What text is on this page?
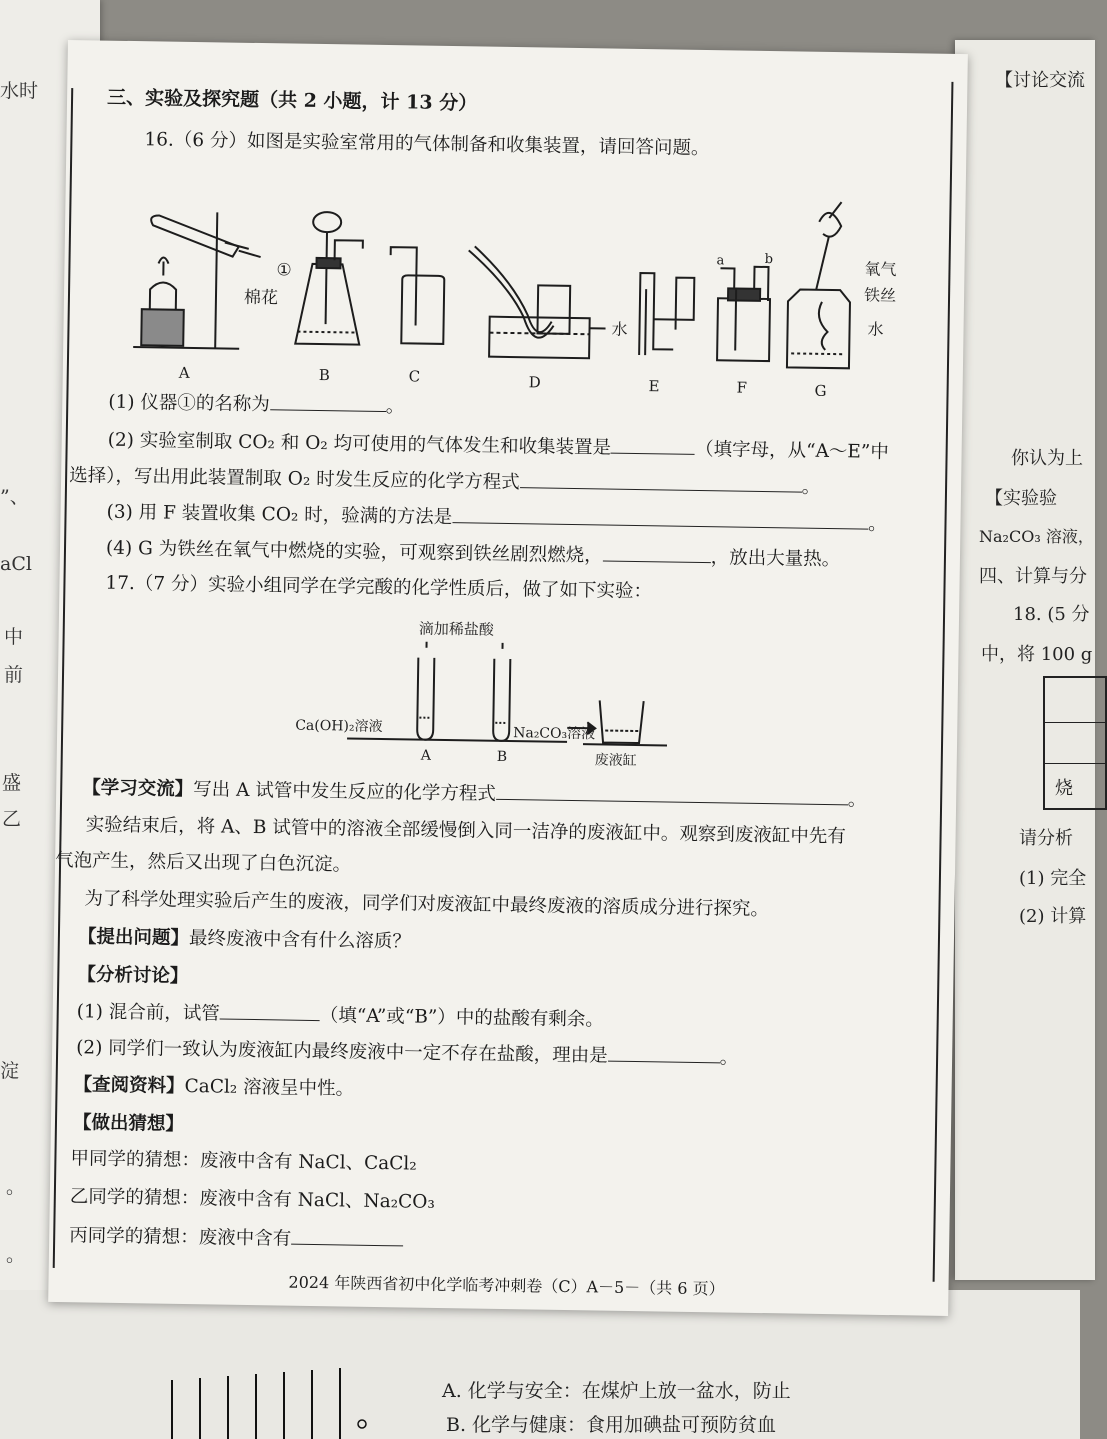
水时
”、
aCl
中
前
盛
乙
淀
。
。
【讨论交流
你认为上
【实验验
Na₂CO₃ 溶液，
四、计算与分
18. (5 分
中，将 100 g
烧
请分析
(1) 完全
(2) 计算
A. 化学与安全：在煤炉上放一盆水，防止
B. 化学与健康：食用加碘盐可预防贫血
三、实验及探究题（共 2 小题，计 13 分）
16.（6 分）如图是实验室常用的气体制备和收集装置，请回答问题。
棉花
①
水
a	b
氧气
铁丝
水
A	B	C	D	E	F	G
(1) 仪器①的名称为	。
(2) 实验室制取 CO₂ 和 O₂ 均可使用的气体发生和收集装置是	（填字母，从“A～E”中
选择），写出用此装置制取 O₂ 时发生反应的化学方程式	。
(3) 用 F 装置收集 CO₂ 时，验满的方法是	。
(4) G 为铁丝在氧气中燃烧的实验，可观察到铁丝剧烈燃烧，	，放出大量热。
17.（7 分）实验小组同学在学完酸的化学性质后，做了如下实验：
滴加稀盐酸
Ca(OH)₂溶液	Na₂CO₃溶液
A	B	废液缸
【学习交流】写出 A 试管中发生反应的化学方程式	。
实验结束后，将 A、B 试管中的溶液全部缓慢倒入同一洁净的废液缸中。观察到废液缸中先有
气泡产生，然后又出现了白色沉淀。
为了科学处理实验后产生的废液，同学们对废液缸中最终废液的溶质成分进行探究。
【提出问题】最终废液中含有什么溶质？
【分析讨论】
(1) 混合前，试管	（填“A”或“B”）中的盐酸有剩余。
(2) 同学们一致认为废液缸内最终废液中一定不存在盐酸，理由是	。
【查阅资料】CaCl₂ 溶液呈中性。
【做出猜想】
甲同学的猜想：废液中含有 NaCl、CaCl₂
乙同学的猜想：废液中含有 NaCl、Na₂CO₃
丙同学的猜想：废液中含有
2024 年陕西省初中化学临考冲刺卷（C）A－5－（共 6 页）
